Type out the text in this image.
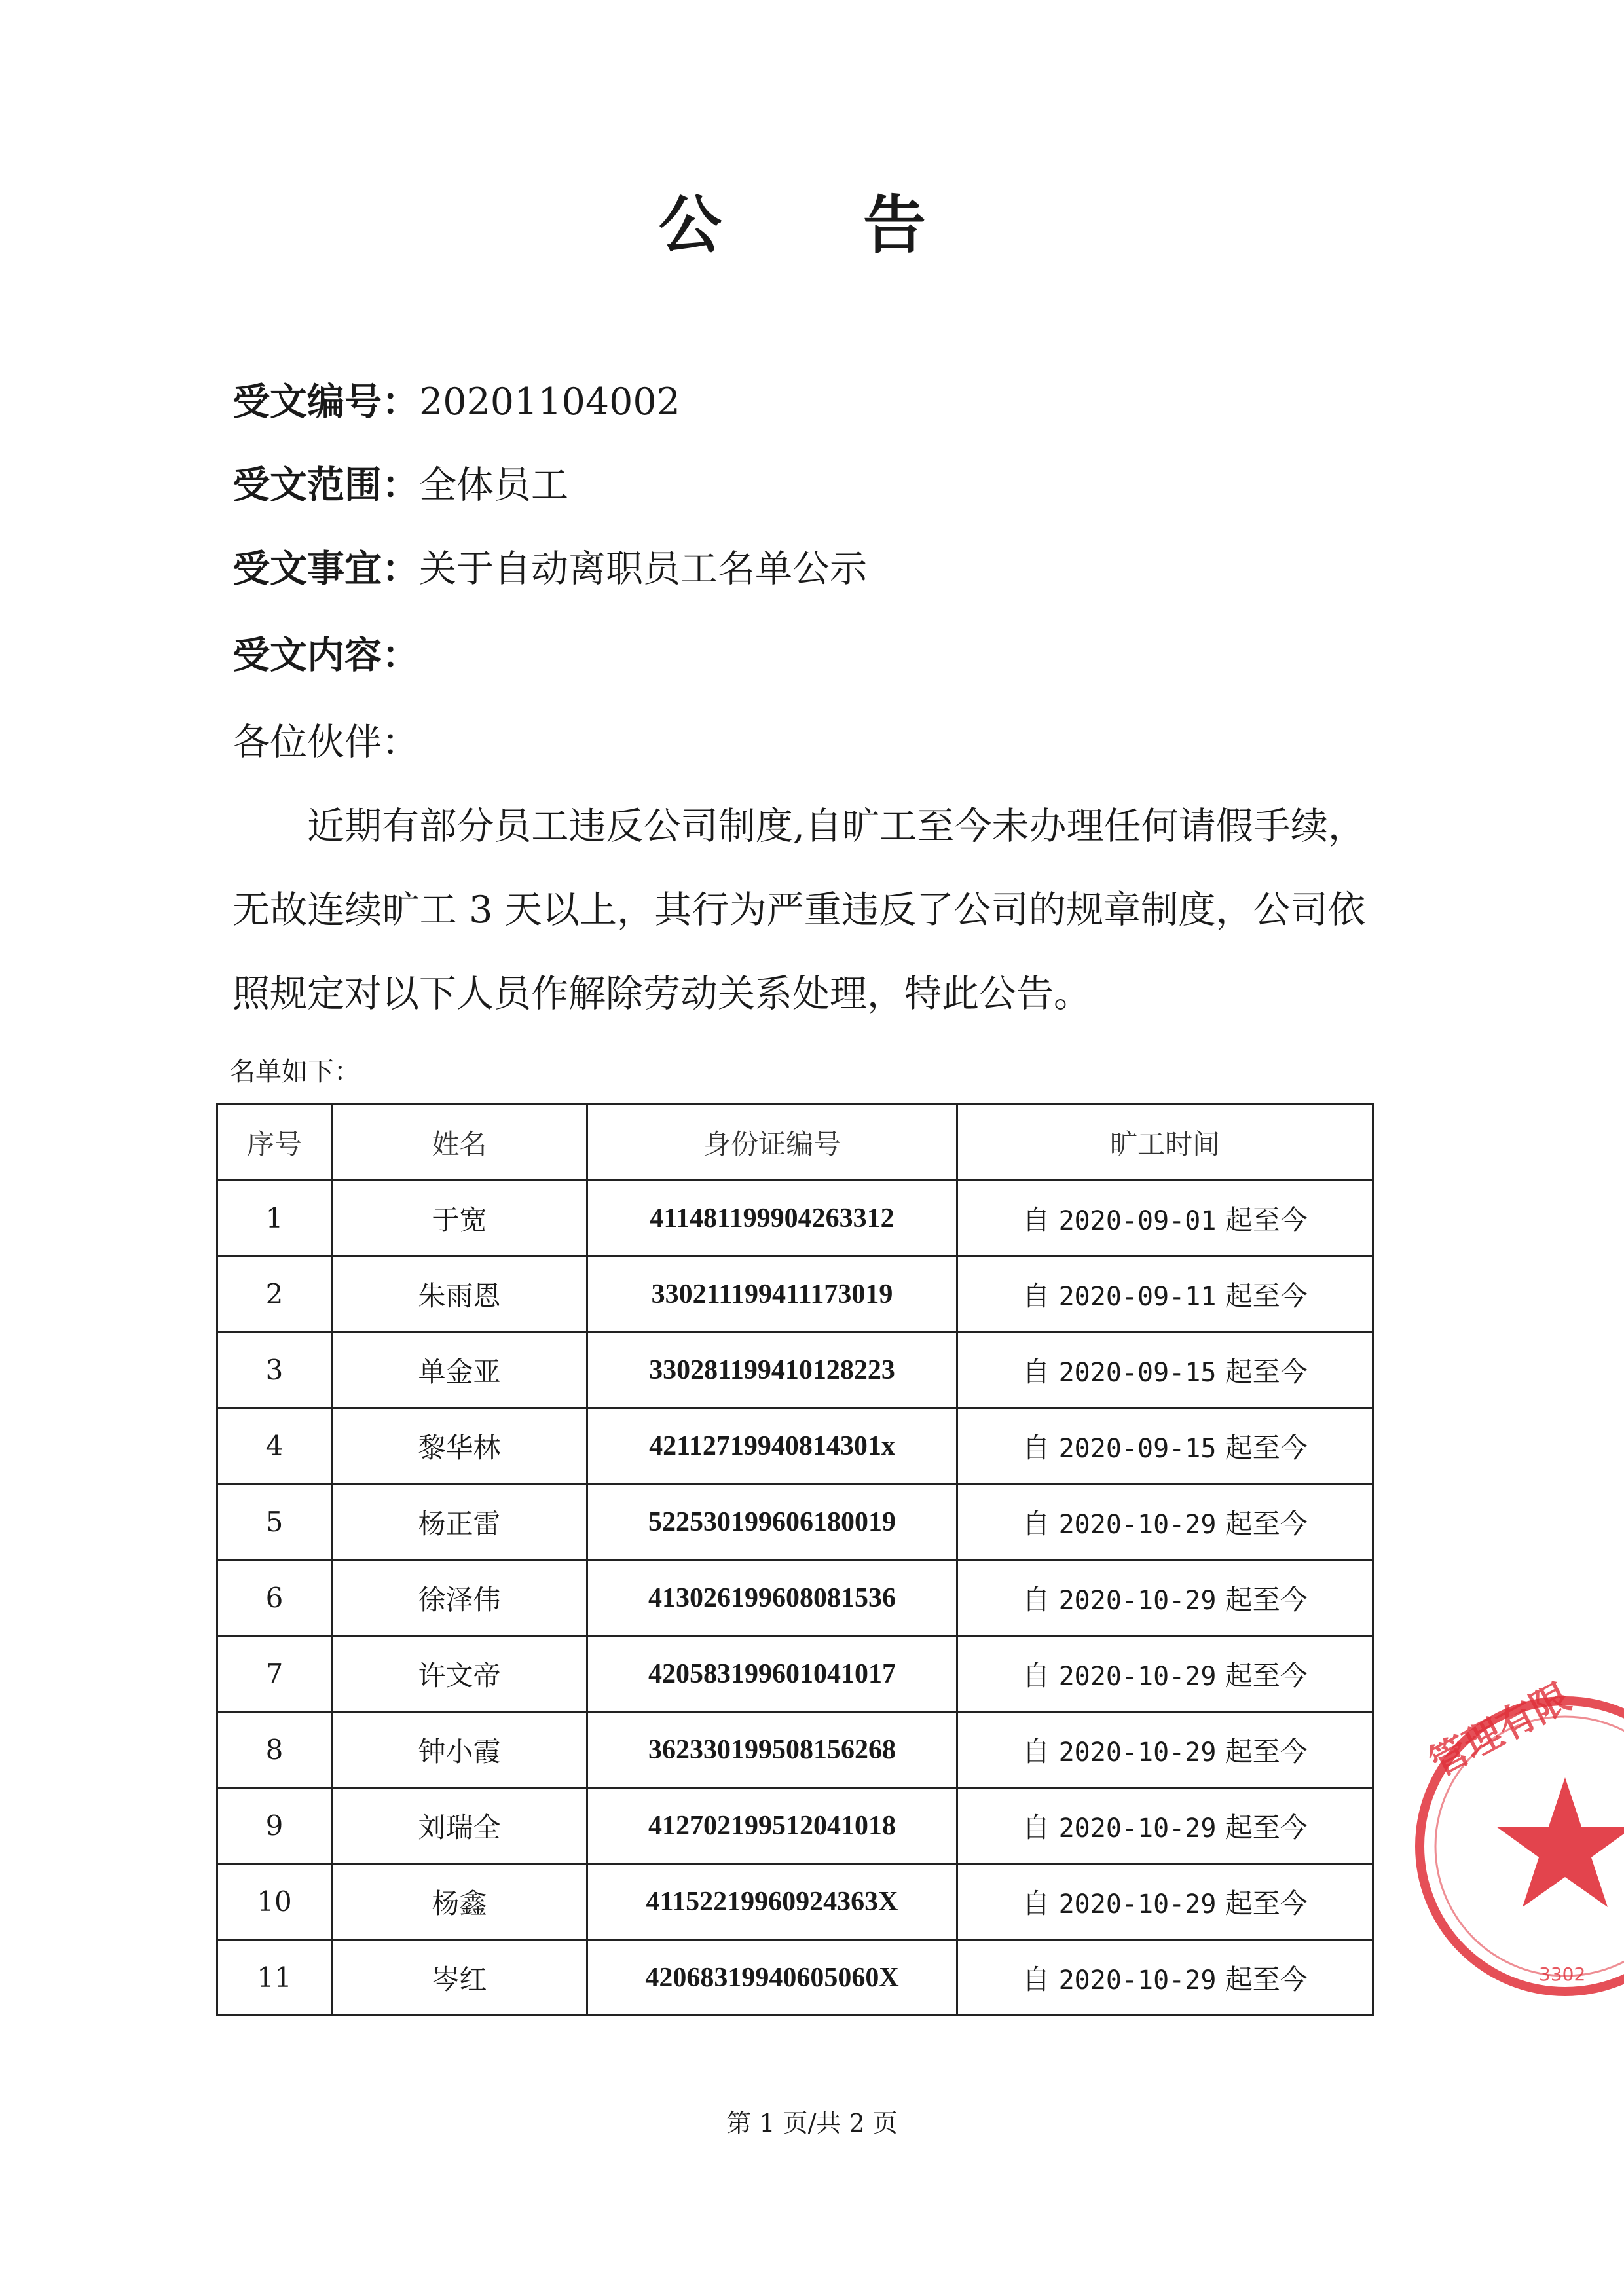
公　告
受文编号：20201104002
受文范围：全体员工
受文事宜：关于自动离职员工名单公示
受文内容：
各位伙伴：
近期有部分员工违反公司制度,自旷工至今未办理任何请假手续，无故连续旷工 3 天以上，其行为严重违反了公司的规章制度，公司依照规定对以下人员作解除劳动关系处理，特此公告。
名单如下：
序号	姓名	身份证编号	旷工时间
1	于宽	411481199904263312	自 2020-09-01 起至今
2	朱雨恩	330211199411173019	自 2020-09-11 起至今
3	单金亚	330281199410128223	自 2020-09-15 起至今
4	黎华林	42112719940814301x	自 2020-09-15 起至今
5	杨正雷	522530199606180019	自 2020-10-29 起至今
6	徐泽伟	413026199608081536	自 2020-10-29 起至今
7	许文帝	420583199601041017	自 2020-10-29 起至今
8	钟小霞	362330199508156268	自 2020-10-29 起至今
9	刘瑞全	412702199512041018	自 2020-10-29 起至今
10	杨鑫	41152219960924363X	自 2020-10-29 起至今
11	岑红	42068319940605060X	自 2020-10-29 起至今
第 1 页/共 2 页
管理有限
3302
